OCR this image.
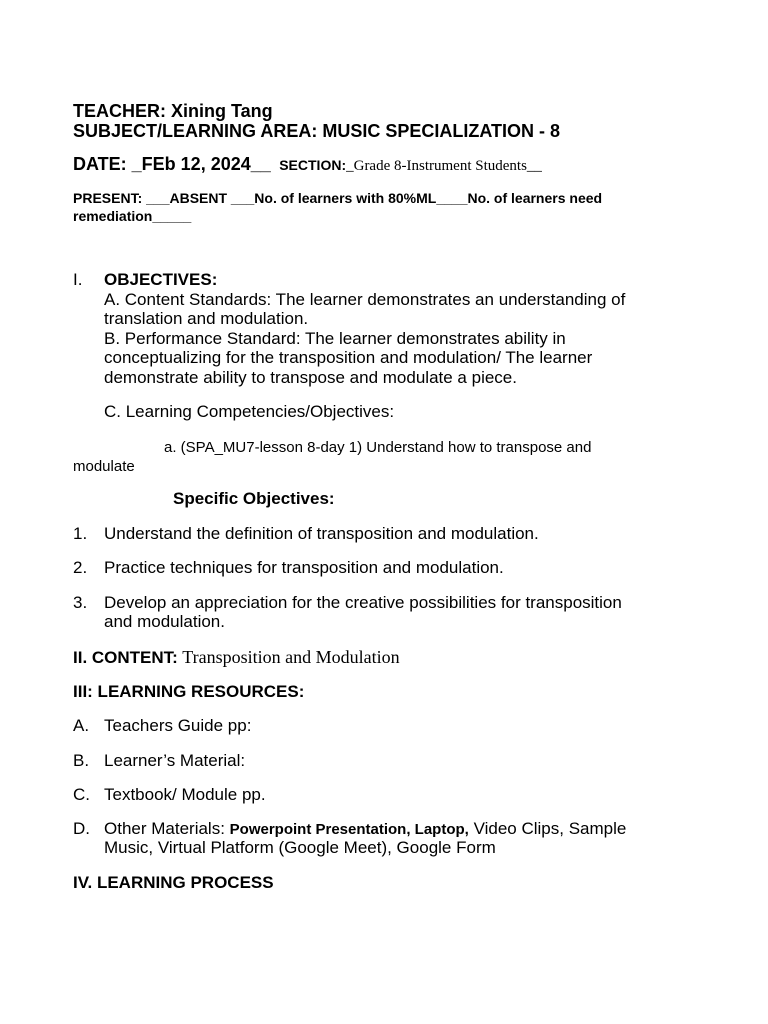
TEACHER: Xining Tang
SUBJECT/LEARNING AREA: MUSIC SPECIALIZATION - 8
DATE: _FEb 12, 2024__ SECTION:_Grade 8-Instrument Students__
PRESENT: ___ABSENT ___No. of learners with 80%ML____No. of learners need
remediation_____
I. OBJECTIVES:
A. Content Standards: The learner demonstrates an understanding of
translation and modulation.
B. Performance Standard: The learner demonstrates ability in
conceptualizing for the transposition and modulation/ The learner
demonstrate ability to transpose and modulate a piece.
C. Learning Competencies/Objectives:
a. (SPA_MU7-lesson 8-day 1) Understand how to transpose and
modulate
Specific Objectives:
1. Understand the definition of transposition and modulation.
2. Practice techniques for transposition and modulation.
3. Develop an appreciation for the creative possibilities for transposition
and modulation.
II. CONTENT: Transposition and Modulation
III: LEARNING RESOURCES:
A. Teachers Guide pp:
B. Learner’s Material:
C. Textbook/ Module pp.
D. Other Materials: Powerpoint Presentation, Laptop, Video Clips, Sample
Music, Virtual Platform (Google Meet), Google Form
IV. LEARNING PROCESS
